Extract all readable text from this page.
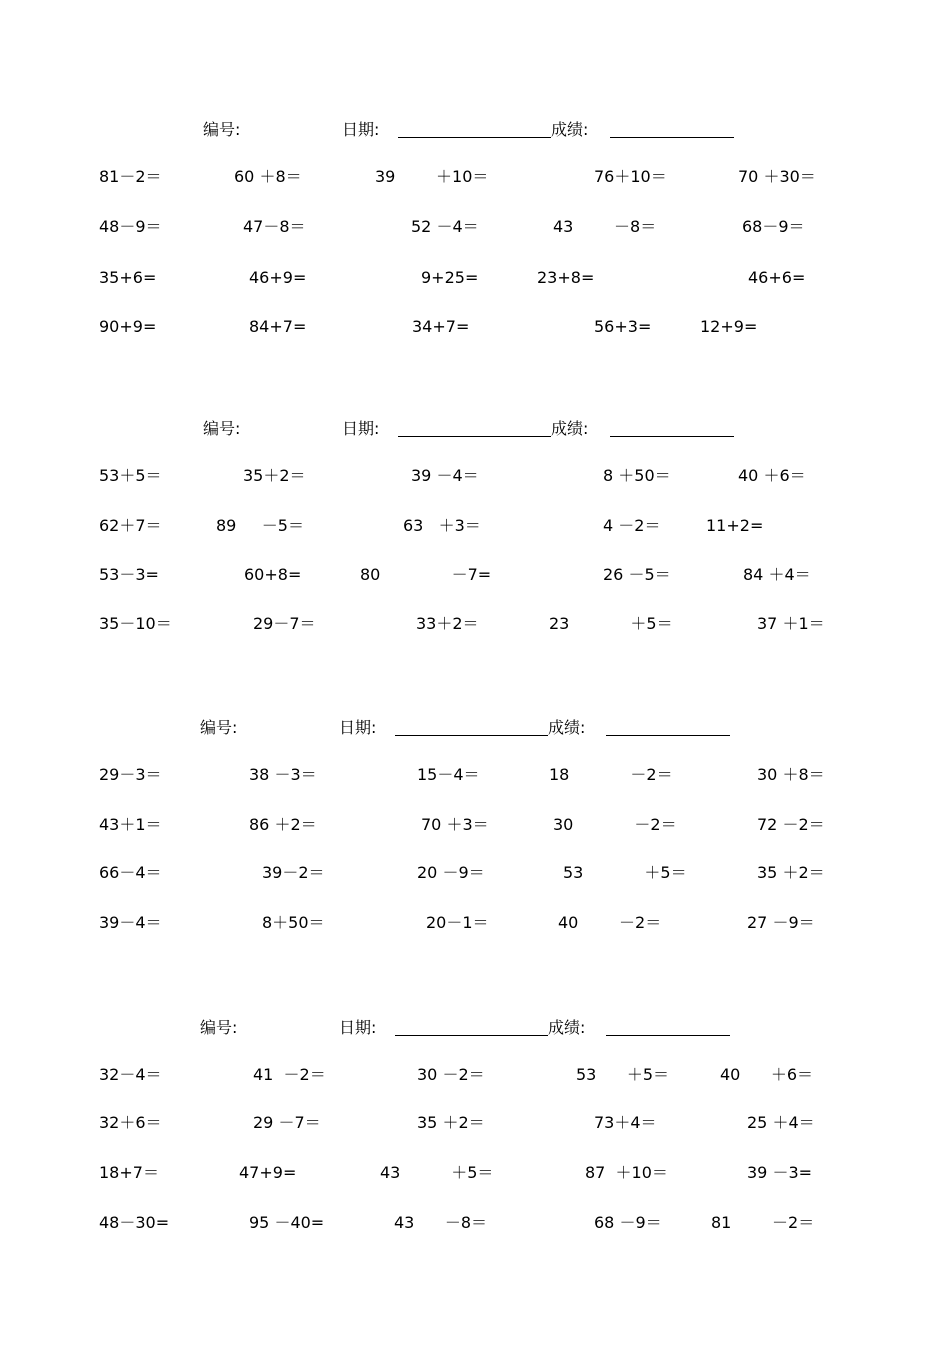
编号:	日期:	成绩:
81－2＝	60 ＋8＝	39        ＋10＝	76＋10＝	70 ＋30＝
48－9＝	47－8＝	52 －4＝	43        －8＝	68－9＝
35+6=	46+9=	9+25=	23+8=	46+6=
90+9=	84+7=	34+7=	56+3=	12+9=
编号:	日期:	成绩:
53＋5＝	35＋2＝	39 －4＝	8 ＋50＝	40 ＋6＝
62＋7＝	89     －5＝	63   ＋3＝	4 －2＝	11+2=
53－3=	60+8=	80              －7=	26 －5＝	84 ＋4＝
35－10＝	29－7＝	33＋2＝	23            ＋5＝	37 ＋1＝
编号:	日期:	成绩:
29－3＝	38 －3＝	15－4＝	18            －2＝	30 ＋8＝
43＋1＝	86 ＋2＝	70 ＋3＝	30            －2＝	72 －2＝
66－4＝	39－2＝	20 －9＝	53            ＋5＝	35 ＋2＝
39－4＝	8＋50＝	20－1＝	40        －2＝	27 －9＝
编号:	日期:	成绩:
32－4＝	41  －2＝	30 －2＝	53      ＋5＝	40      ＋6＝
32＋6＝	29 －7＝	35 ＋2＝	73＋4＝	25 ＋4＝
18+7＝	47+9=	43          ＋5＝	87  ＋10＝	39 －3=
48－30=	95 －40=	43      －8＝	68 －9＝	81        －2＝
